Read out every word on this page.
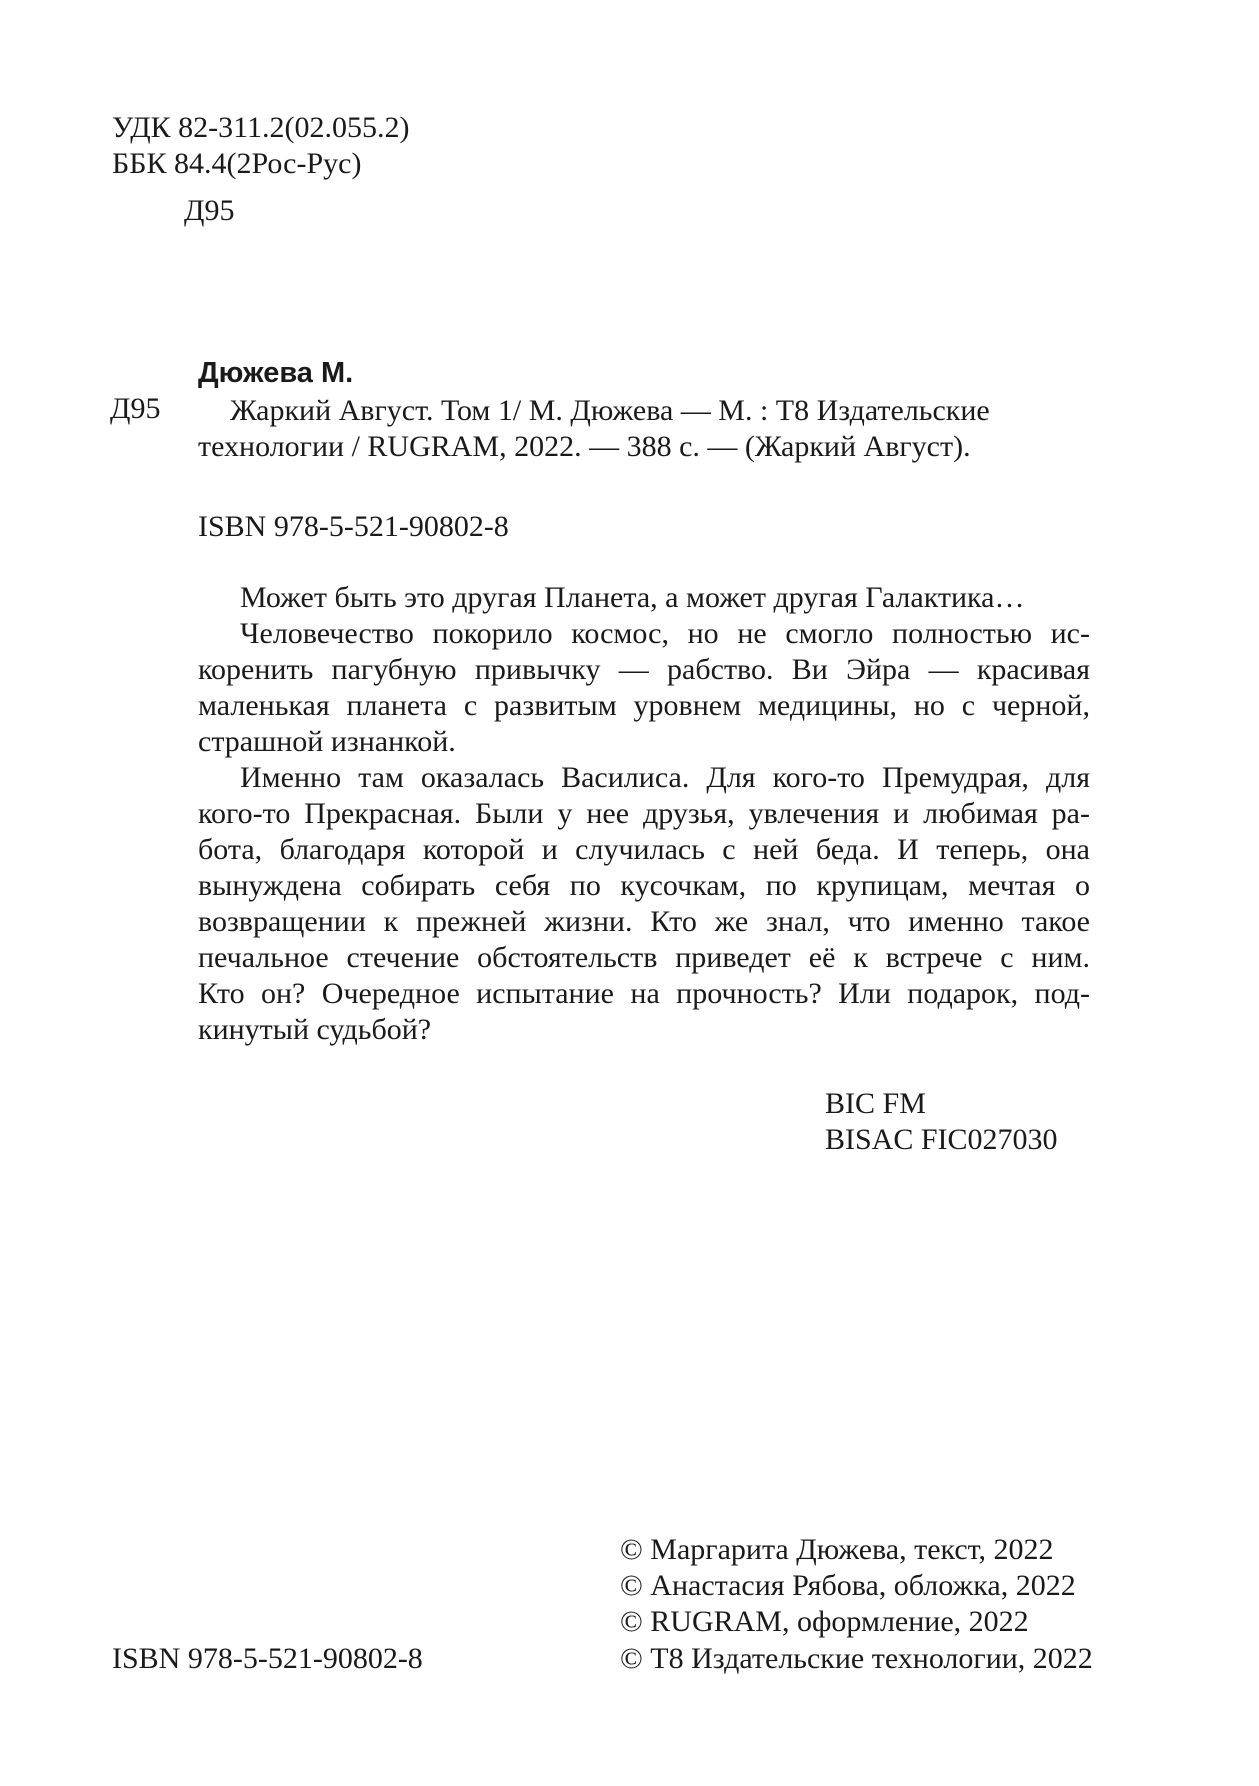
УДК 82-311.2(02.055.2)
ББК 84.4(2Рос-Рус)
Д95
Дюжева М.
Д95 Жаркий Август. Том 1/ М. Дюжева — М. : Т8 Издательские
технологии / RUGRAM, 2022. — 388 с. — (Жаркий Август).
ISBN 978-5-521-90802-8
Может быть это другая Планета, а может другая Галактика…
Человечество покорило космос, но не смогло полностью ис-
коренить пагубную привычку — рабство. Ви Эйра — красивая
маленькая планета с развитым уровнем медицины, но с черной,
страшной изнанкой.
Именно там оказалась Василиса. Для кого-то Премудрая, для
кого-то Прекрасная. Были у нее друзья, увлечения и любимая ра-
бота, благодаря которой и случилась с ней беда. И теперь, она
вынуждена собирать себя по кусочкам, по крупицам, мечтая о
возвращении к прежней жизни. Кто же знал, что именно такое
печальное стечение обстоятельств приведет её к встрече с ним.
Кто он? Очередное испытание на прочность? Или подарок, под-
кинутый судьбой?
BIC FM
BISAC FIC027030
© Маргарита Дюжева, текст, 2022
© Анастасия Рябова, обложка, 2022
© RUGRAM, оформление, 2022
ISBN 978-5-521-90802-8	© Т8 Издательские технологии, 2022
